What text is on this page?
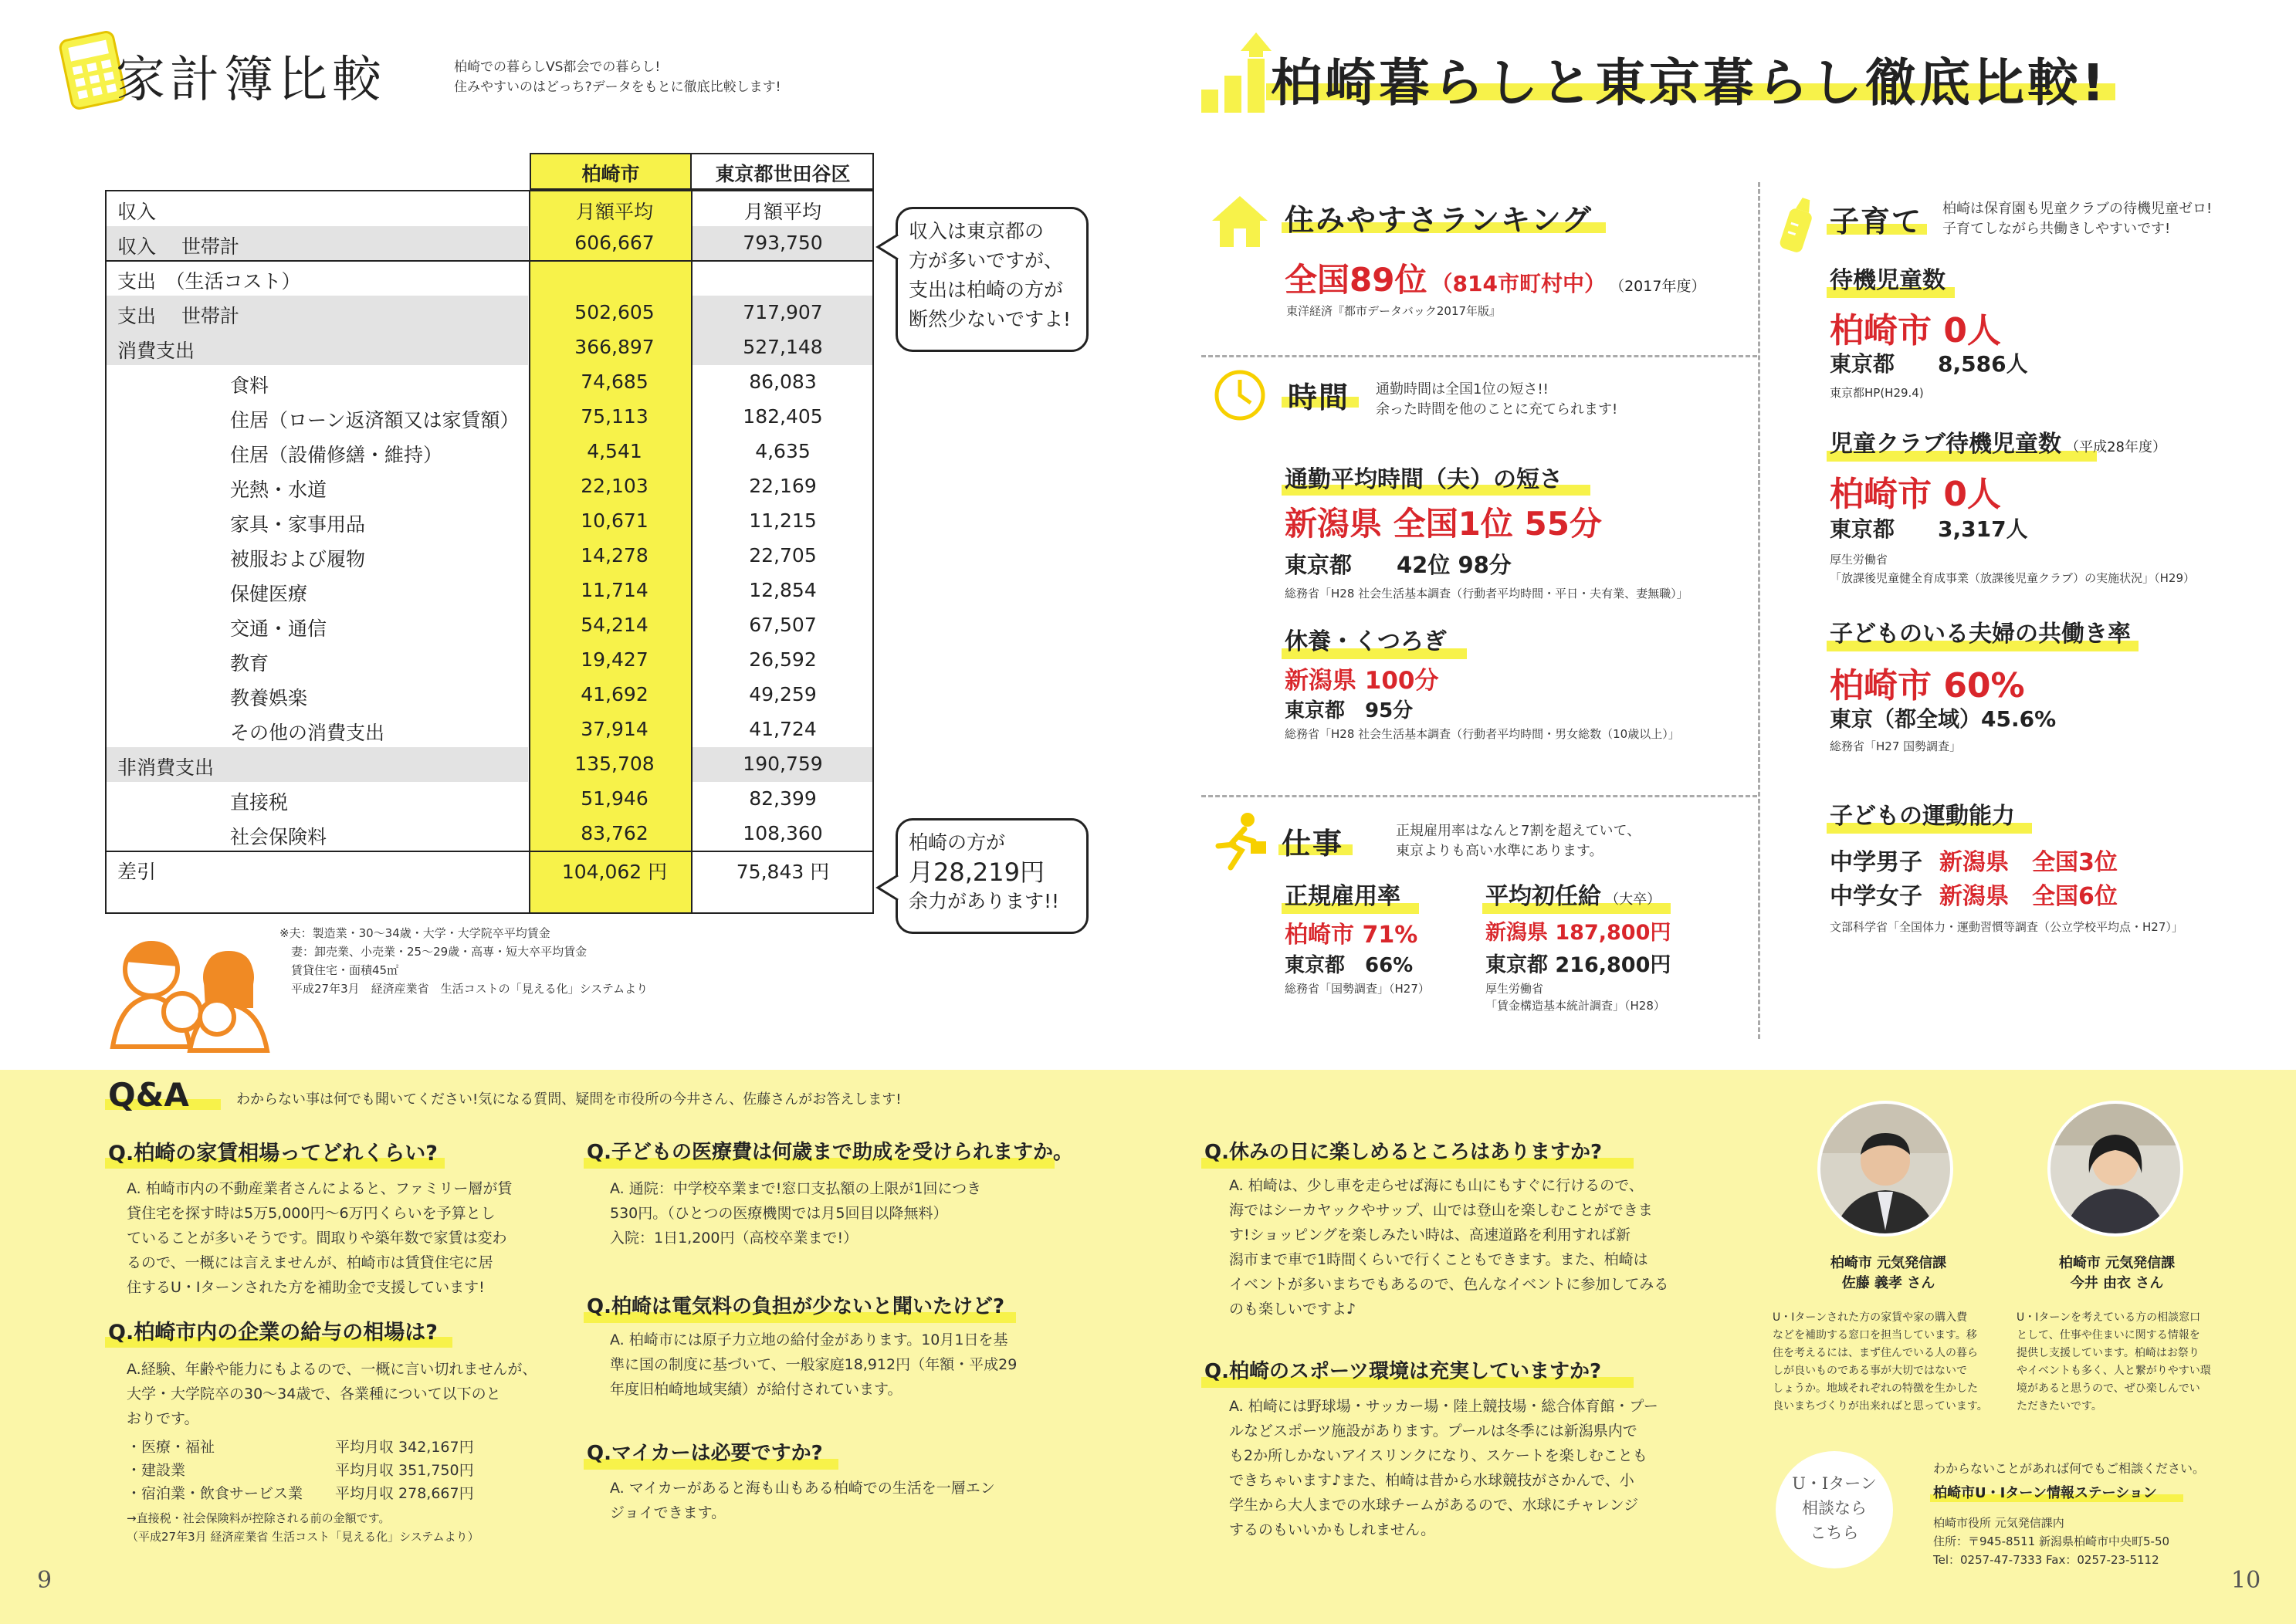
家計簿比較	柏崎での暮らしVS都会での暮らし!
住みやすいのはどっち?データをもとに徹底比較します!
柏崎市	東京都世田谷区
収入	月額平均	月額平均
収入　 世帯計	606,667	793,750
支出　（生活コスト）
支出　 世帯計	502,605	717,907
消費支出	366,897	527,148
食料	74,685	86,083
住居（ローン返済額又は家賃額）	75,113	182,405
住居（設備修繕・維持）	4,541	4,635
光熱・水道	22,103	22,169
家具・家事用品	10,671	11,215
被服および履物	14,278	22,705
保健医療	11,714	12,854
交通・通信	54,214	67,507
教育	19,427	26,592
教養娯楽	41,692	49,259
その他の消費支出	37,914	41,724
非消費支出	135,708	190,759
直接税	51,946	82,399
社会保険料	83,762	108,360
差引	104,062 円	75,843 円
収入は東京都の
方が多いですが、
支出は柏崎の方が
断然少ないですよ!
柏崎の方が
月28,219円
余力があります!!
※夫：製造業・30～34歳・大学・大学院卒平均賃金
　妻：卸売業、小売業・25～29歳・高専・短大卒平均賃金
　賃貸住宅・面積45㎡
　平成27年3月　経済産業省　生活コストの「見える化」システムより
柏崎暮らしと東京暮らし徹底比較!
住みやすさランキング
全国89位 （814市町村中） （2017年度）
東洋経済『都市データバック2017年版』
時間 通勤時間は全国1位の短さ!!
余った時間を他のことに充てられます!
通勤平均時間（夫）の短さ
新潟県 全国1位 55分
東京都　　42位 98分
総務省「H28 社会生活基本調査（行動者平均時間・平日・夫有業、妻無職）」
休養・くつろぎ
新潟県 100分
東京都　95分
総務省「H28 社会生活基本調査（行動者平均時間・男女総数（10歳以上）」
仕事	正規雇用率はなんと7割を超えていて、
東京よりも高い水準にあります。
正規雇用率
柏崎市 71%
東京都　66%
総務省「国勢調査」（H27）
平均初任給 （大卒）
新潟県 187,800円
東京都 216,800円
厚生労働省
「賃金構造基本統計調査」（H28）
子育て 柏崎は保育園も児童クラブの待機児童ゼロ!
子育てしながら共働きしやすいです!
待機児童数
柏崎市 0人
東京都　　8,586人
東京都HP(H29.4)
児童クラブ待機児童数 （平成28年度）
柏崎市 0人
東京都　　3,317人
厚生労働省
「放課後児童健全育成事業（放課後児童クラブ）の実施状況」（H29）
子どものいる夫婦の共働き率
柏崎市 60%
東京（都全域）45.6%
総務省「H27 国勢調査」
子どもの運動能力
中学男子 新潟県　全国3位
中学女子 新潟県　全国6位
文部科学省「全国体力・運動習慣等調査（公立学校平均点・H27）」
Q&A	わからない事は何でも聞いてください!気になる質問、疑問を市役所の今井さん、佐藤さんがお答えします!
Q.柏崎の家賃相場ってどれくらい?
A. 柏崎市内の不動産業者さんによると、ファミリー層が賃
貸住宅を探す時は5万5,000円～6万円くらいを予算とし
ていることが多いそうです。間取りや築年数で家賃は変わ
るので、一概には言えませんが、柏崎市は賃貸住宅に居
住するU・Iターンされた方を補助金で支援しています!
Q.柏崎市内の企業の給与の相場は?
A.経験、年齢や能力にもよるので、一概に言い切れませんが、
大学・大学院卒の30～34歳で、各業種について以下のと
おりです。
・医療・福祉	平均月収 342,167円
・建設業	平均月収 351,750円
・宿泊業・飲食サービス業 平均月収 278,667円
→直接税・社会保険料が控除される前の金額です。
（平成27年3月 経済産業省 生活コスト「見える化」システムより）
Q.子どもの医療費は何歳まで助成を受けられますか。
A. 通院：中学校卒業まで!窓口支払額の上限が1回につき
530円。（ひとつの医療機関では月5回目以降無料）
入院：1日1,200円（高校卒業まで!）
Q.柏崎は電気料の負担が少ないと聞いたけど?
A. 柏崎市には原子力立地の給付金があります。10月1日を基
準に国の制度に基づいて、一般家庭18,912円（年額・平成29
年度旧柏崎地域実績）が給付されています。
Q.マイカーは必要ですか?
A. マイカーがあると海も山もある柏崎での生活を一層エン
ジョイできます。
Q.休みの日に楽しめるところはありますか?
A. 柏崎は、少し車を走らせば海にも山にもすぐに行けるので、
海ではシーカヤックやサップ、山では登山を楽しむことができま
す!ショッピングを楽しみたい時は、高速道路を利用すれば新
潟市まで車で1時間くらいで行くこともできます。また、柏崎は
イベントが多いまちでもあるので、色んなイベントに参加してみる
のも楽しいですよ♪
Q.柏崎のスポーツ環境は充実していますか?
A. 柏崎には野球場・サッカー場・陸上競技場・総合体育館・プー
ルなどスポーツ施設があります。プールは冬季には新潟県内で
も2か所しかないアイスリンクになり、スケートを楽しむことも
できちゃいます♪また、柏崎は昔から水球競技がさかんで、小
学生から大人までの水球チームがあるので、水球にチャレンジ
するのもいいかもしれません。
柏崎市 元気発信課
佐藤 義孝 さん
U・Iターンされた方の家賃や家の購入費
などを補助する窓口を担当しています。移
住を考えるには、まず住んでいる人の暮ら
しが良いものである事が大切ではないで
しょうか。地域それぞれの特徴を生かした
良いまちづくりが出来ればと思っています。
柏崎市 元気発信課
今井 由衣 さん
U・Iターンを考えている方の相談窓口
として、仕事や住まいに関する情報を
提供し支援しています。柏崎はお祭り
やイベントも多く、人と繋がりやすい環
境があると思うので、ぜひ楽しんでい
ただきたいです。
U・Iターン
相談なら
こちら
わからないことがあれば何でもご相談ください。
柏崎市U・Iターン情報ステーション
柏崎市役所 元気発信課内
住所：〒945-8511 新潟県柏崎市中央町5-50
Tel：0257-47-7333 Fax：0257-23-5112
9	10
